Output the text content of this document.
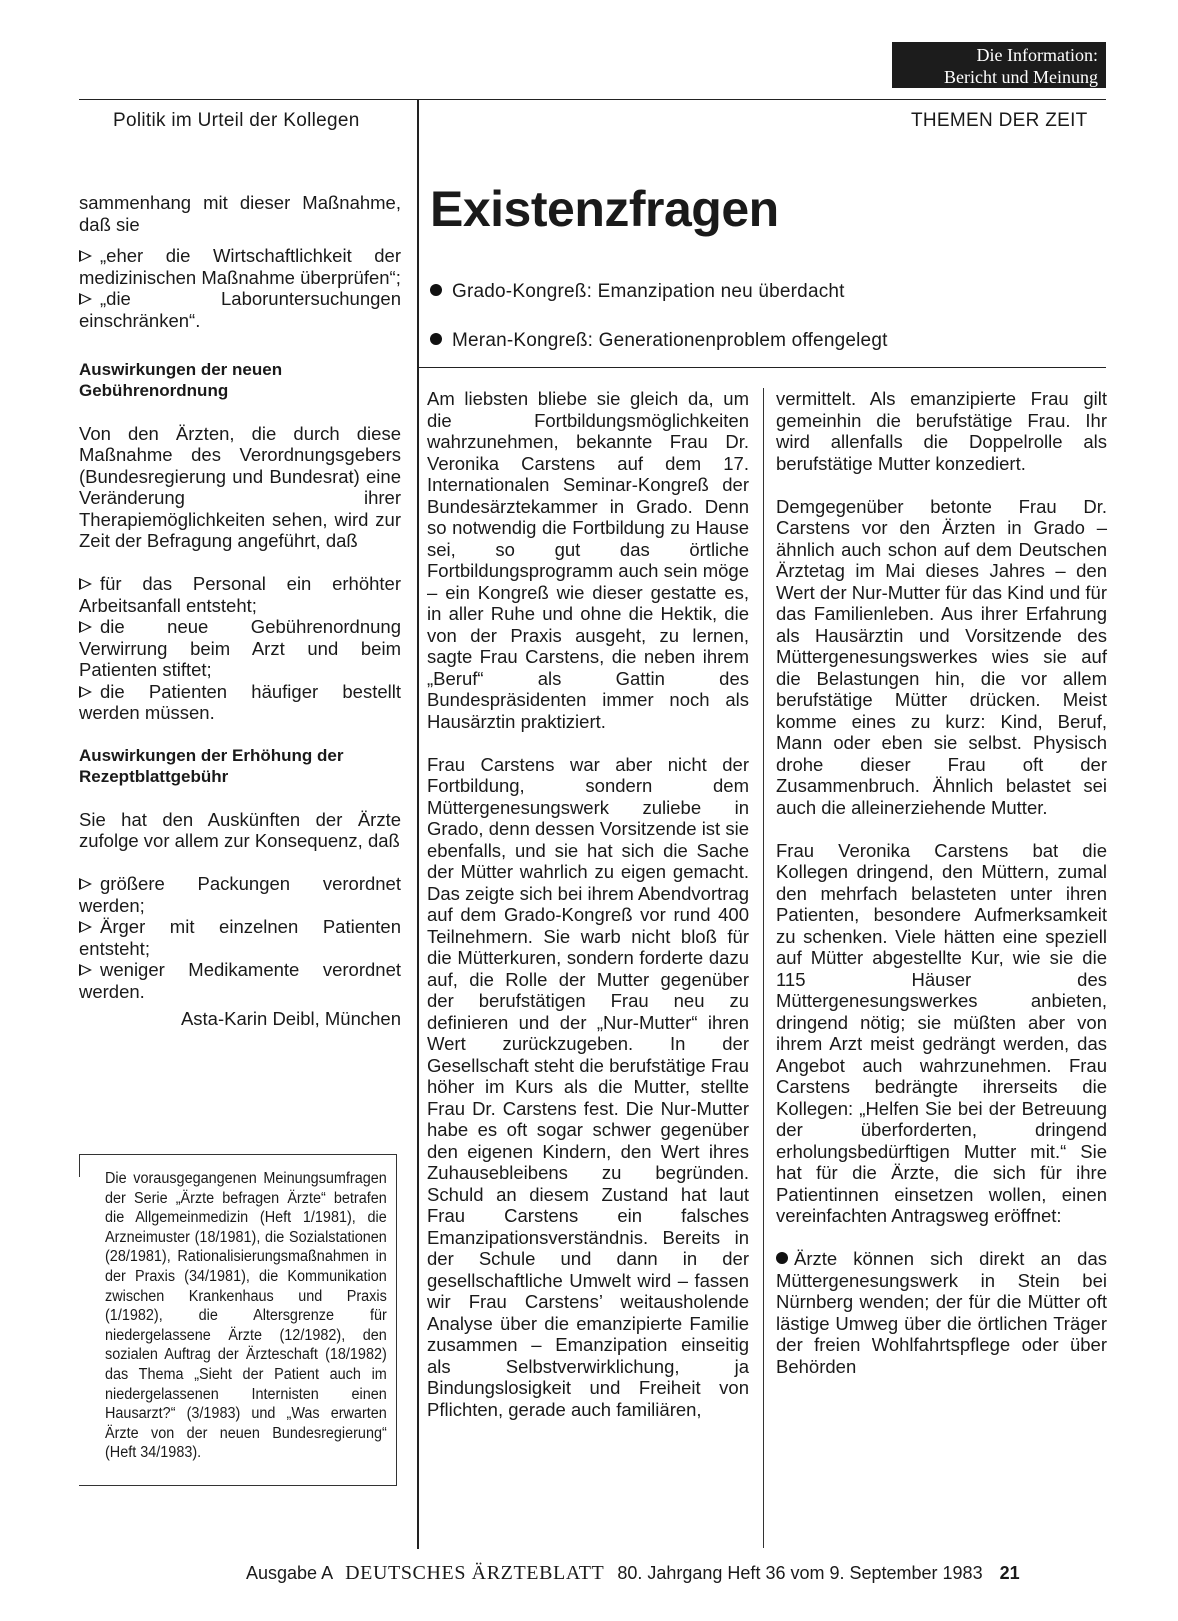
Die Information:
Bericht und Meinung
Politik im Urteil der Kollegen	THEMEN DER ZEIT
Existenzfragen
Grado-Kongreß: Emanzipation neu überdacht
Meran-Kongreß: Generationenproblem offengelegt

sammenhang mit dieser Maßnahme, daß sie

„eher die Wirtschaftlichkeit der medizinischen Maßnahme überprüfen“;
„die Laboruntersuchungen einschränken“.
Auswirkungen der neuen Gebührenordnung

Von den Ärzten, die durch diese Maßnahme des Verordnungsgebers (Bundesregierung und Bundesrat) eine Veränderung ihrer Therapiemöglichkeiten sehen, wird zur Zeit der Befragung angeführt, daß

für das Personal ein erhöhter Arbeitsanfall entsteht;
die neue Gebührenordnung Verwirrung beim Arzt und beim Patienten stiftet;
die Patienten häufiger bestellt werden müssen.
Auswirkungen der Erhöhung der Rezeptblattgebühr

Sie hat den Auskünften der Ärzte zufolge vor allem zur Konsequenz, daß

größere Packungen verordnet werden;
Ärger mit einzelnen Patienten entsteht;
weniger Medikamente verordnet werden.
Asta-Karin Deibl, München
Die vorausgegangenen Meinungsumfragen der Serie „Ärzte befragen Ärzte“ betrafen die Allgemeinmedizin (Heft 1/1981), die Arzneimuster (18/1981), die Sozialstationen (28/1981), Rationalisierungsmaßnahmen in der Praxis (34/1981), die Kommunikation zwischen Krankenhaus und Praxis (1/1982), die Altersgrenze für niedergelassene Ärzte (12/1982), den sozialen Auftrag der Ärzteschaft (18/1982) das Thema „Sieht der Patient auch im niedergelassenen Internisten einen Hausarzt?“ (3/1983) und „Was erwarten Ärzte von der neuen Bundesregierung“ (Heft 34/1983).

Am liebsten bliebe sie gleich da, um die Fortbildungsmöglichkeiten wahrzunehmen, bekannte Frau Dr. Veronika Carstens auf dem 17. Internationalen Seminar-Kongreß der Bundesärztekammer in Grado. Denn so notwendig die Fortbildung zu Hause sei, so gut das örtliche Fortbildungsprogramm auch sein möge – ein Kongreß wie dieser gestatte es, in aller Ruhe und ohne die Hektik, die von der Praxis ausgeht, zu lernen, sagte Frau Carstens, die neben ihrem „Beruf“ als Gattin des Bundespräsidenten immer noch als Hausärztin praktiziert.

Frau Carstens war aber nicht der Fortbildung, sondern dem Müttergenesungswerk zuliebe in Grado, denn dessen Vorsitzende ist sie ebenfalls, und sie hat sich die Sache der Mütter wahrlich zu eigen gemacht. Das zeigte sich bei ihrem Abendvortrag auf dem Grado-Kongreß vor rund 400 Teilnehmern. Sie warb nicht bloß für die Mütterkuren, sondern forderte dazu auf, die Rolle der Mutter gegenüber der berufstätigen Frau neu zu definieren und der „Nur-Mutter“ ihren Wert zurückzugeben. In der Gesellschaft steht die berufstätige Frau höher im Kurs als die Mutter, stellte Frau Dr. Carstens fest. Die Nur-Mutter habe es oft sogar schwer gegenüber den eigenen Kindern, den Wert ihres Zuhausebleibens zu begründen. Schuld an diesem Zustand hat laut Frau Carstens ein falsches Emanzipationsverständnis. Bereits in der Schule und dann in der gesellschaftliche Umwelt wird – fassen wir Frau Carstens’ weitausholende Analyse über die emanzipierte Familie zusammen – Emanzipation einseitig als Selbstverwirklichung, ja Bindungslosigkeit und Freiheit von Pflichten, gerade auch familiären,

vermittelt. Als emanzipierte Frau gilt gemeinhin die berufstätige Frau. Ihr wird allenfalls die Doppelrolle als berufstätige Mutter konzediert.

Demgegenüber betonte Frau Dr. Carstens vor den Ärzten in Grado – ähnlich auch schon auf dem Deutschen Ärztetag im Mai dieses Jahres – den Wert der Nur-Mutter für das Kind und für das Familienleben. Aus ihrer Erfahrung als Hausärztin und Vorsitzende des Müttergenesungswerkes wies sie auf die Belastungen hin, die vor allem berufstätige Mütter drücken. Meist komme eines zu kurz: Kind, Beruf, Mann oder eben sie selbst. Physisch drohe dieser Frau oft der Zusammenbruch. Ähnlich belastet sei auch die alleinerziehende Mutter.

Frau Veronika Carstens bat die Kollegen dringend, den Müttern, zumal den mehrfach belasteten unter ihren Patienten, besondere Aufmerksamkeit zu schenken. Viele hätten eine speziell auf Mütter abgestellte Kur, wie sie die 115 Häuser des Müttergenesungswerkes anbieten, dringend nötig; sie müßten aber von ihrem Arzt meist gedrängt werden, das Angebot auch wahrzunehmen. Frau Carstens bedrängte ihrerseits die Kollegen: „Helfen Sie bei der Betreuung der überforderten, dringend erholungsbedürftigen Mutter mit.“ Sie hat für die Ärzte, die sich für ihre Patientinnen einsetzen wollen, einen vereinfachten Antragsweg eröffnet:

Ärzte können sich direkt an das Müttergenesungswerk in Stein bei Nürnberg wenden; der für die Mütter oft lästige Umweg über die örtlichen Träger der freien Wohlfahrtspflege oder über Behörden

Ausgabe A DEUTSCHES ÄRZTEBLATT 80. Jahrgang Heft 36 vom 9. September 1983 21
